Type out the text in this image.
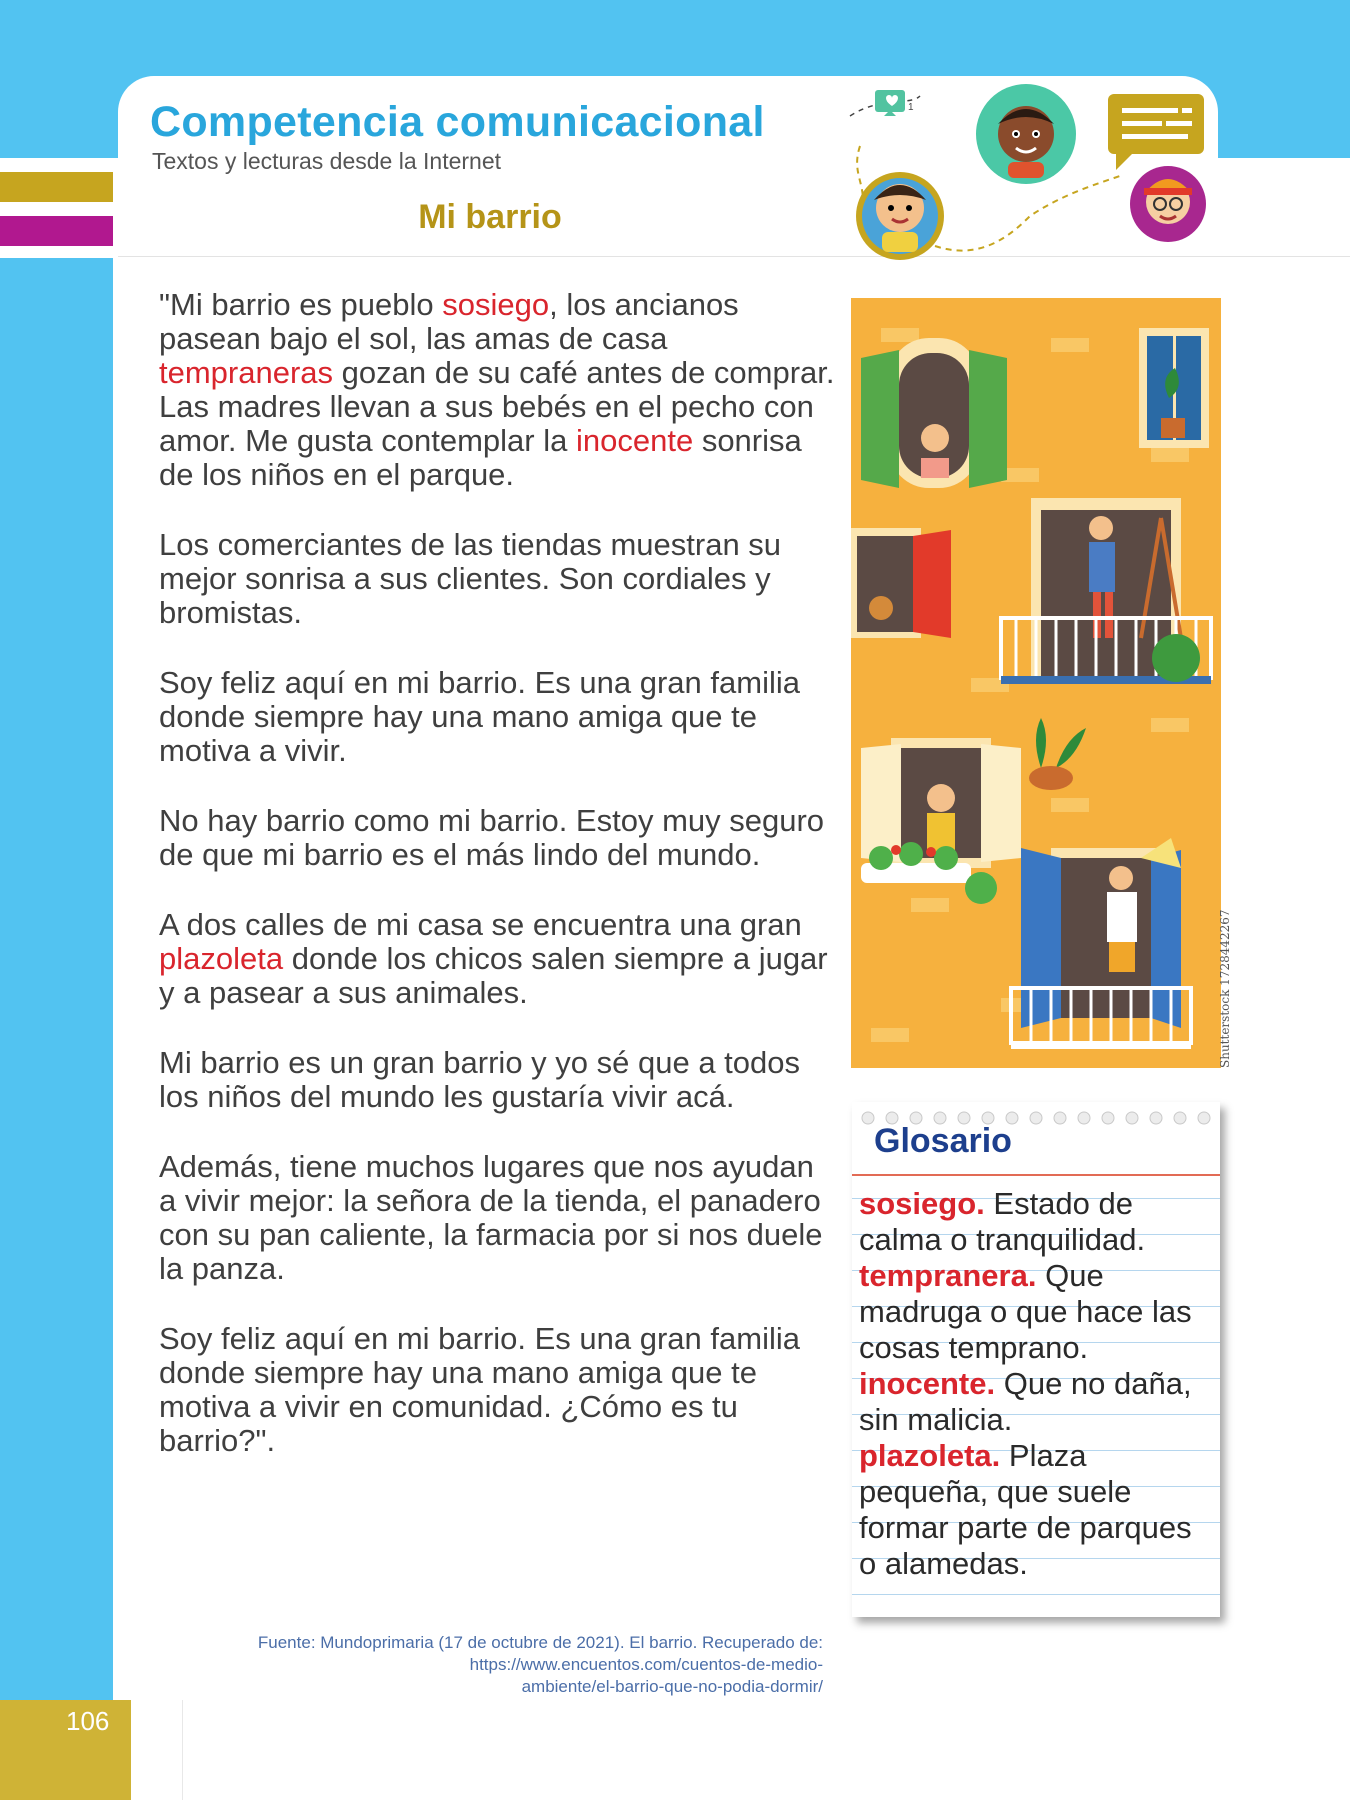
Competencia comunicacional
Textos y lecturas desde la Internet
Mi barrio
1

"Mi barrio es pueblo sosiego, los ancianos pasean bajo el sol, las amas de casa tempraneras gozan de su café antes de comprar. Las madres llevan a sus bebés en el pecho con amor. Me gusta contemplar la inocente sonrisa de los niños en el parque.

Los comerciantes de las tiendas muestran su mejor sonrisa a sus clientes. Son cordiales y bromistas.

Soy feliz aquí en mi barrio. Es una gran familia donde siempre hay una mano amiga que te motiva a vivir.

No hay barrio como mi barrio. Estoy muy seguro de que mi barrio es el más lindo del mundo.

A dos calles de mi casa se encuentra una gran plazoleta donde los chicos salen siempre a jugar y a pasear a sus animales.

Mi barrio es un gran barrio y yo sé que a todos los niños del mundo les gustaría vivir acá.

Además, tiene muchos lugares que nos ayudan a vivir mejor: la señora de la tienda, el panadero con su pan caliente, la farmacia por si nos duele la panza.

Soy feliz aquí en mi barrio. Es una gran familia donde siempre hay una mano amiga que te motiva a vivir en comunidad. ¿Cómo es tu barrio?".

Fuente: Mundoprimaria (17 de octubre de 2021). El barrio. Recuperado de:
https://www.encuentos.com/cuentos-de-medio-
ambiente/el-barrio-que-no-podia-dormir/
Shutterstock 1728442267
Glosario
sosiego. Estado de calma o tranquilidad.
tempranera. Que madruga o que hace las cosas temprano.
inocente. Que no daña, sin malicia.
plazoleta. Plaza pequeña, que suele formar parte de parques o alamedas.
106
